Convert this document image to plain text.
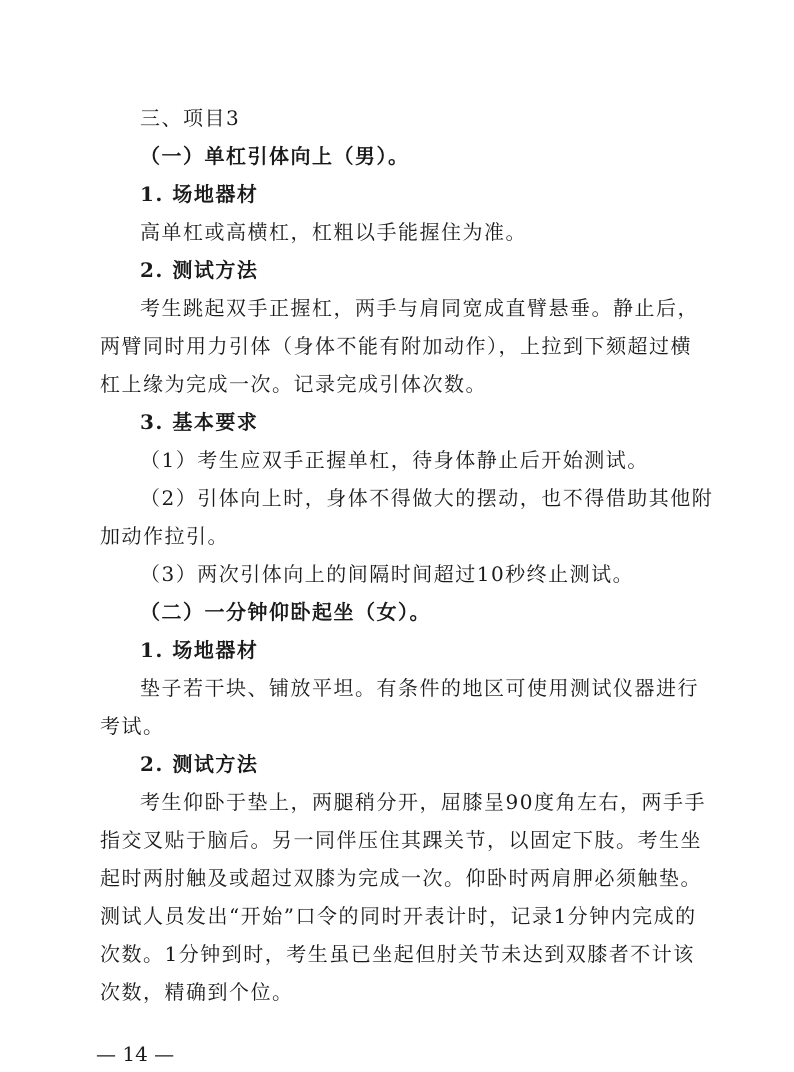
三、项目3
（一）单杠引体向上（男）。
1. 场地器材
高单杠或高横杠，杠粗以手能握住为准。
2. 测试方法
考生跳起双手正握杠，两手与肩同宽成直臂悬垂。静止后，
两臂同时用力引体（身体不能有附加动作），上拉到下颏超过横
杠上缘为完成一次。记录完成引体次数。
3. 基本要求
（1）考生应双手正握单杠，待身体静止后开始测试。
（2）引体向上时，身体不得做大的摆动，也不得借助其他附
加动作拉引。
（3）两次引体向上的间隔时间超过10秒终止测试。
（二）一分钟仰卧起坐（女）。
1. 场地器材
垫子若干块、铺放平坦。有条件的地区可使用测试仪器进行
考试。
2. 测试方法
考生仰卧于垫上，两腿稍分开，屈膝呈90度角左右，两手手
指交叉贴于脑后。另一同伴压住其踝关节，以固定下肢。考生坐
起时两肘触及或超过双膝为完成一次。仰卧时两肩胛必须触垫。
测试人员发出“开始”口令的同时开表计时，记录1分钟内完成的
次数。1分钟到时，考生虽已坐起但肘关节未达到双膝者不计该
次数，精确到个位。
— 14 —
